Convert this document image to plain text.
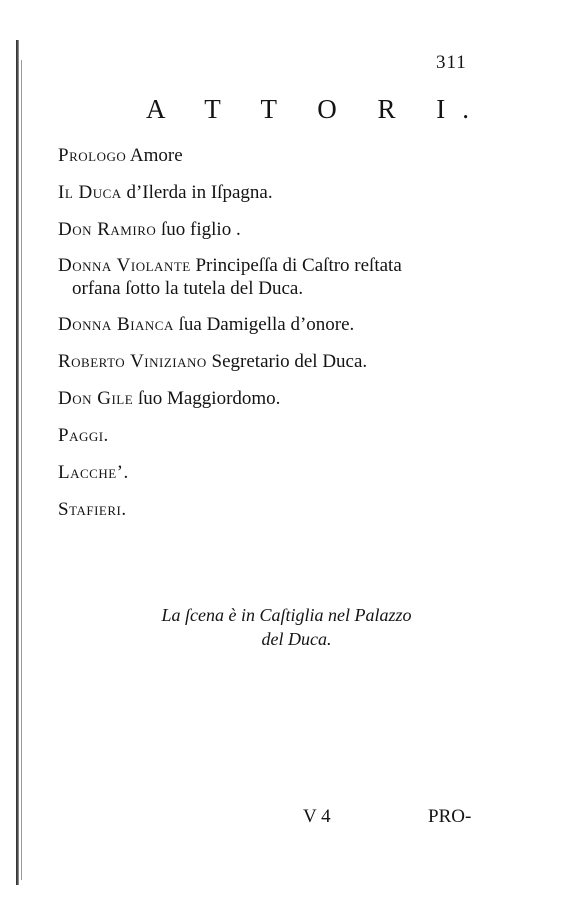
311
A T T O R I.
Prologo Amore
Il Duca d’Ilerda in Iſpagna.
Don Ramiro ſuo figlio .
Donna Violante Principeſſa di Caſtro reſtata
orfana ſotto la tutela del Duca.
Donna Bianca ſua Damigella d’onore.
Roberto Viniziano Segretario del Duca.
Don Gile ſuo Maggiordomo.
Paggi.
Lacche’.
Stafieri.
La ſcena è in Caſtiglia nel Palazzo
del Duca.
V 4	PRO-
